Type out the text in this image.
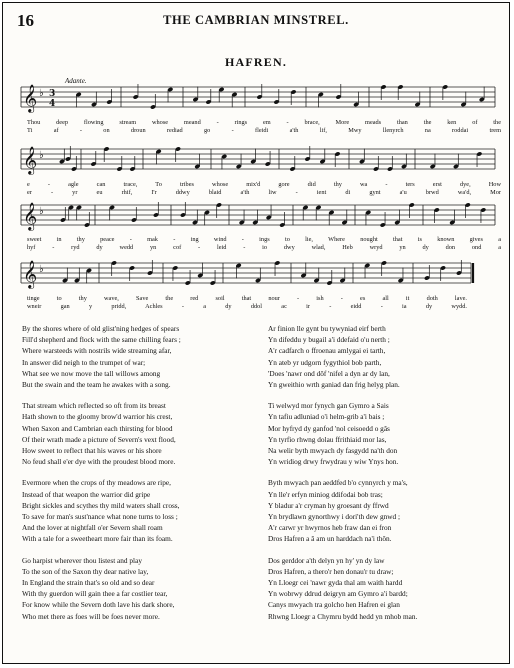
16	THE CAMBRIAN MINSTREL.
HAFREN.
Adante.
𝄞 ♭ 3
4
𝄞 ♭
𝄞 ♭
𝄞 ♭
Thou deep flowing stream whose meand - rings em - brace, More meads than the ken of the
Ti af - on droun rediad go - fleidi a'th lif, Mwy llenyrch na roddai trem
e - agle can trace, To tribes whose mix'd gore did thy wa - ters erst dye, How
er - yr eu rhif, I'r ddwy blaid a'th liw - ient di gynt a'u brwd wa'd, Mor
sweet in thy peace - mak - ing wind - ings to lie, Where nought that is known gives a
hyf - ryd dy wedd yn cof - leid - io dwy wlad, Heb wryd yn dy don ond a
tinge to thy wave, Save the red soil that nour - ish - es all it doth lave.
wneir gan y pridd, Achles - a dy ddol ac ir - eidd - ia dy wydd.

By the shores where of old glist'ning hedges of spears
Fill'd shepherd and flock with the same chilling fears ;
Where warsteeds with nostrils wide streaming afar,
In answer did neigh to the trumpet of war;
What see we now move the tall willows among
But the swain and the team he awakes with a song.

That stream which reflected so oft from its breast
Hath shown to the gloomy brow'd warrior his crest,
When Saxon and Cambrian each thirsting for blood
Of their wrath made a picture of Severn's vext flood,
How sweet to reflect that his waves or his shore
No feud shall e'er dye with the proudest blood more.

Evermore when the crops of thy meadows are ripe,
Instead of that weapon the warrior did gripe
Bright sickles and scythes thy mild waters shall cross,
To save for man's sust'nance what none turns to loss ;
And the lover at nightfall o'er Severn shall roam
With a tale for a sweetheart more fair than its foam.

Go harpist wherever thou listest and play
To the son of the Saxon thy dear native lay,
In England the strain that's so old and so dear
With thy guerdon will gain thee a far costlier tear,
For know while the Severn doth lave his dark shore,
Who met there as foes will be foes never more.

Ar finion lle gynt bu tywyniad eirf berth
Yn difeddu y bugail a'i ddefaid o'u nerth ;
A'r cadfarch o ffroenau amlygai ei tarth,
Yn ateb yr udgorn fygythiol bob parth,
'Does 'nawr ond dôf 'nifel a dyn ar dy lan,
Yn gweithio wrth ganiad dan frig helyg plan.

Ti welwyd mor fynych gan Gymro a Sais
Yn tafiu adluniad o'i helm-grib a'i bais ;
Mor hyfryd dy ganfod 'nol ceisoedd o gâs
Yn tyrfio rhwng dolau ffrithiaid mor las,
Na welir byth mwyach dy fasgydd na'th don
Yn wridiog drwy frwydrau y wiw Ynys hon.

Byth mwyach pan aeddfed b'o cynnyrch y ma's,
Yn lle'r erfyn miniog ddifodai bob tras;
Y bladur a'r cryman hy groesant dy ffrwd
Yn brydlawn gynorthwy i dori'th dew gnwd ;
A'r carwr yr hwyrnos heb fraw dan ei fron
Dros Hafren a â am un harddach na'i thôn.

Dos gerddor a'th delyn yn hy' yn dy law
Dros Hafren, a thero'r hen donau'r tu draw;
Yn Lloegr cei 'nawr gyda thal am waith hardd
Yn wobrwy ddrud deigryn am Gymro a'i bardd;
Canys mwyach tra golcho hen Hafren ei glan
Rhwng Lloegr a Chymru bydd hedd yn mhob man.
